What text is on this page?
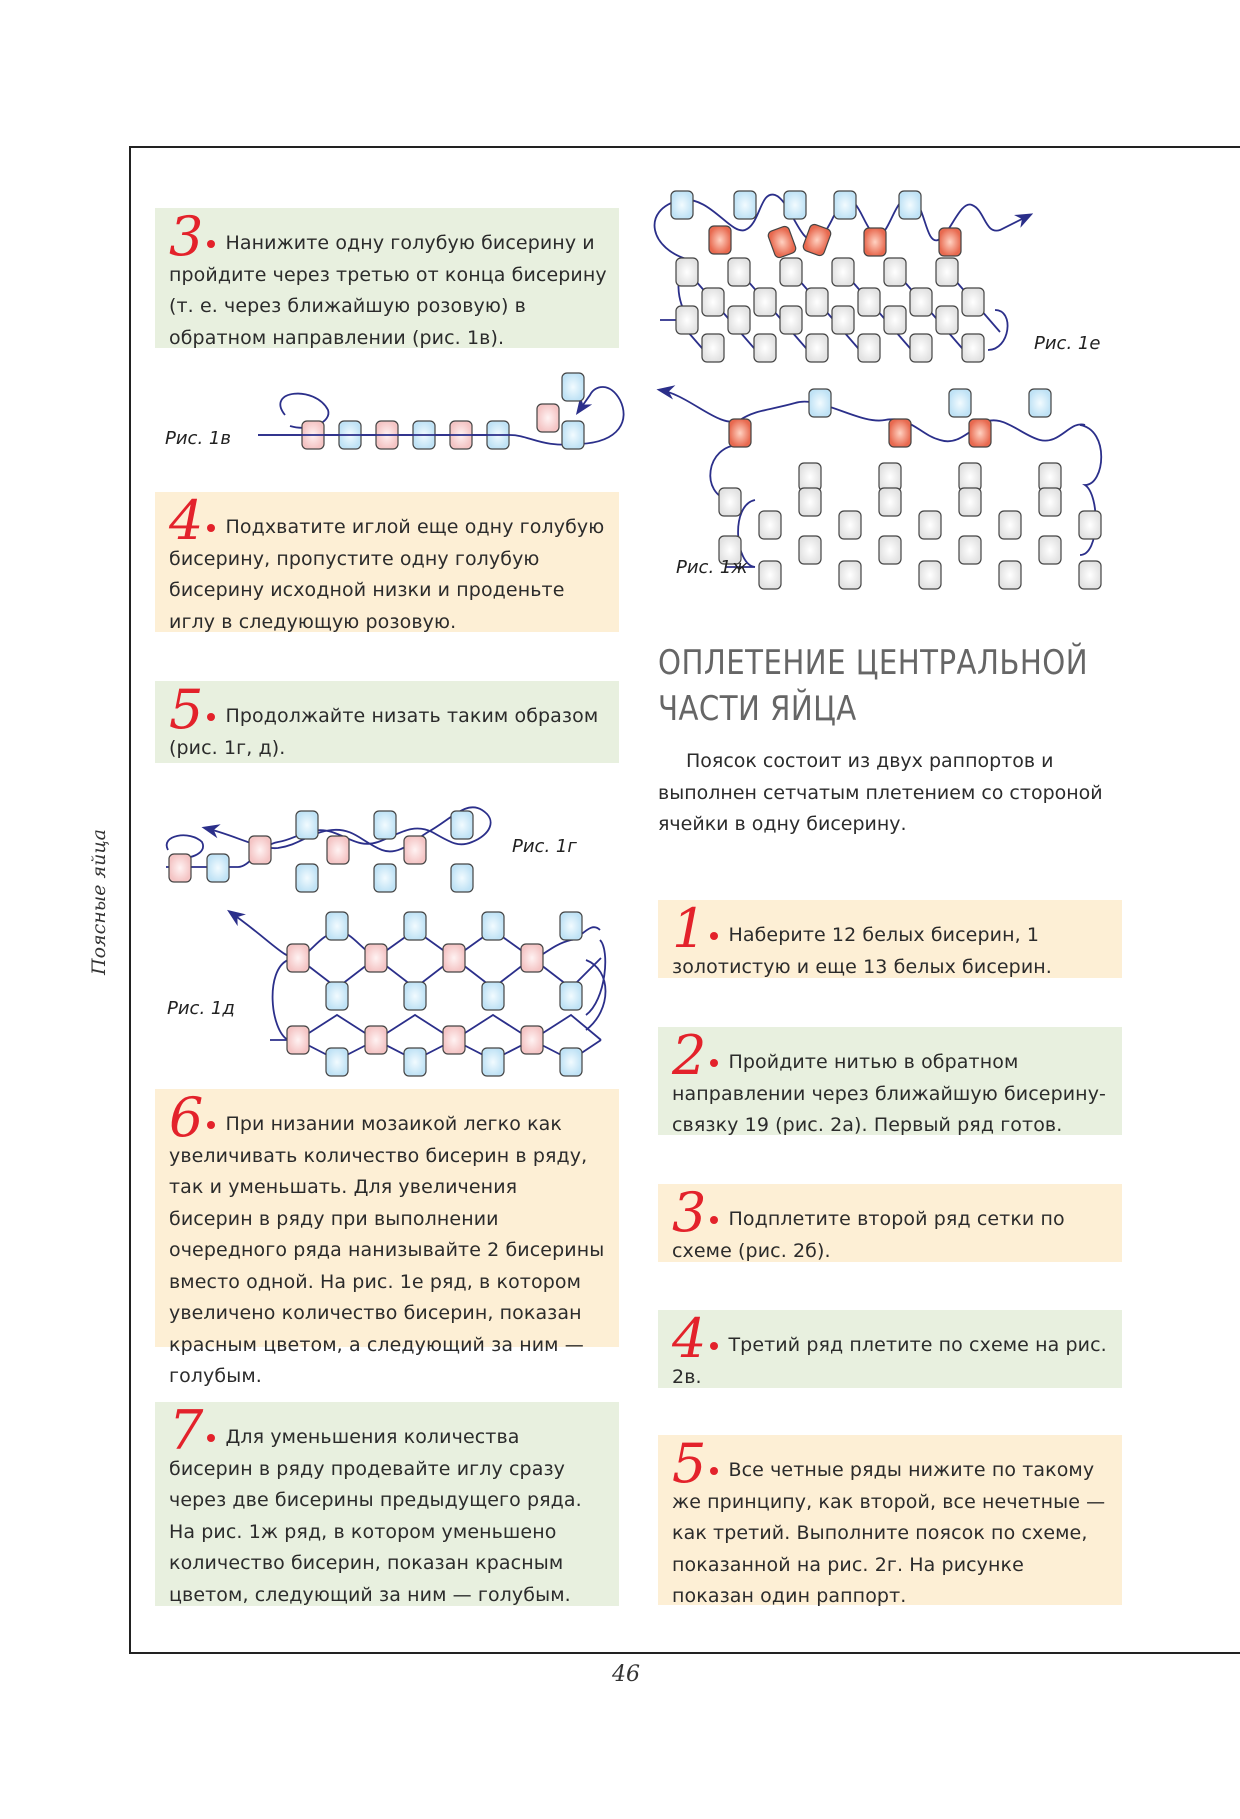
Поясные яйца
46
3 Нанижите одну голубую бисерину и пройдите через третью от конца бисерину (т. е. через ближайшую розовую) в обратном направлении (рис. 1в).
Рис. 1в
4 Подхватите иглой еще одну голубую бисерину, пропустите одну голубую бисерину исходной низки и проденьте иглу в следующую розовую.
5 Продолжайте низать таким образом (рис. 1г, д).
Рис. 1г
Рис. 1д
6 При низании мозаикой легко как увеличивать количество бисерин в ряду, так и уменьшать. Для увеличения бисерин в ряду при выполнении очередного ряда нанизывайте 2 бисерины вместо одной. На рис. 1е ряд, в котором увеличено количество бисерин, показан красным цветом, а следующий за ним — голубым.
7 Для уменьшения количества бисерин в ряду продевайте иглу сразу через две бисерины предыдущего ряда. На рис. 1ж ряд, в котором уменьшено количество бисерин, показан красным цветом, следующий за ним — голубым.
Рис. 1е
Рис. 1ж
ОПЛЕТЕНИЕ ЦЕНТРАЛЬНОЙ
ЧАСТИ ЯЙЦА
Поясок состоит из двух раппортов и выполнен сетчатым плетением со стороной ячейки в одну бисерину.
1 Наберите 12 белых бисерин, 1 золотистую и еще 13 белых бисерин.
2 Пройдите нитью в обратном направлении через ближайшую бисерину-связку 19 (рис. 2а). Первый ряд готов.
3 Подплетите второй ряд сетки по схеме (рис. 2б).
4 Третий ряд плетите по схеме на рис. 2в.
5 Все четные ряды нижите по такому же принципу, как второй, все нечетные — как третий. Выполните поясок по схеме, показанной на рис. 2г. На рисунке показан один раппорт.
